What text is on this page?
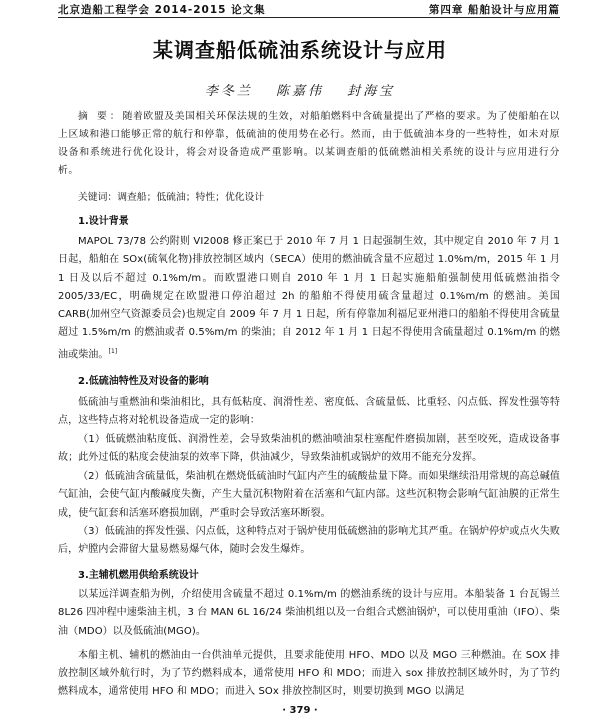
北京造船工程学会 2014-2015 论文集	第四章 船舶设计与应用篇
某调查船低硫油系统设计与应用
李冬兰 陈嘉伟 封海宝

摘 要：随着欧盟及美国相关环保法规的生效，对船舶燃料中含硫量提出了严格的要求。为了使船舶在以上区域和港口能够正常的航行和停靠，低硫油的使用势在必行。然而，由于低硫油本身的一些特性，如未对原设备和系统进行优化设计，将会对设备造成严重影响。以某调查船的低硫燃油相关系统的设计与应用进行分析。

关键词：调查船；低硫油；特性；优化设计

1.设计背景

MAPOL 73/78 公约附则 VI2008 修正案已于 2010 年 7 月 1 日起强制生效，其中规定自 2010 年 7 月 1 日起，船舶在 SOx(硫氧化物)排放控制区域内（SECA）使用的燃油硫含量不应超过 1.0%m/m，2015 年 1 月 1 日及以后不超过 0.1%m/m。而欧盟港口则自 2010 年 1 月 1 日起实施船舶强制使用低硫燃油指令 2005/33/EC，明确规定在欧盟港口停泊超过 2h 的船舶不得使用硫含量超过 0.1%m/m 的燃油。美国 CARB(加州空气资源委员会)也规定自 2009 年 7 月 1 日起，所有停靠加利福尼亚州港口的船舶不得使用含硫量超过 1.5%m/m 的燃油或者 0.5%m/m 的柴油；自 2012 年 1 月 1 日起不得使用含硫量超过 0.1%m/m 的燃油或柴油。[1]

2.低硫油特性及对设备的影响

低硫油与重燃油和柴油相比，具有低粘度、润滑性差、密度低、含硫量低、比重轻、闪点低、挥发性强等特点，这些特点将对轮机设备造成一定的影响：

（1）低硫燃油粘度低、润滑性差，会导致柴油机的燃油喷油泵柱塞配件磨损加剧，甚至咬死，造成设备事故；此外过低的粘度会使油泵的效率下降，供油减少，导致柴油机或锅炉的效用不能充分发挥。

（2）低硫油含硫量低，柴油机在燃烧低硫油时气缸内产生的硫酸盐量下降。而如果继续沿用常规的高总碱值气缸油，会使气缸内酸碱度失衡，产生大量沉积物附着在活塞和气缸内部。这些沉积物会影响气缸油膜的正常生成，使气缸套和活塞环磨损加剧，严重时会导致活塞环断裂。

（3）低硫油的挥发性强、闪点低，这种特点对于锅炉使用低硫燃油的影响尤其严重。在锅炉停炉或点火失败后，炉膛内会滞留大量易燃易爆气体，随时会发生爆炸。

3.主辅机燃用供给系统设计

以某远洋调查船为例，介绍使用含硫量不超过 0.1%m/m 的燃油系统的设计与应用。本船装备 1 台瓦锡兰 8L26 四冲程中速柴油主机，3 台 MAN 6L 16/24 柴油机组以及一台组合式燃油锅炉，可以使用重油（IFO）、柴油（MDO）以及低硫油(MGO)。

本船主机、辅机的燃油由一台供油单元提供，且要求能使用 HFO、MDO 以及 MGO 三种燃油。在 SOX 排放控制区域外航行时，为了节约燃料成本，通常使用 HFO 和 MDO；而进入 sox 排放控制区域外时，为了节约燃料成本，通常使用 HFO 和 MDO；而进入 SOx 排放控制区时，则要切换到 MGO 以满足

· 379 ·
